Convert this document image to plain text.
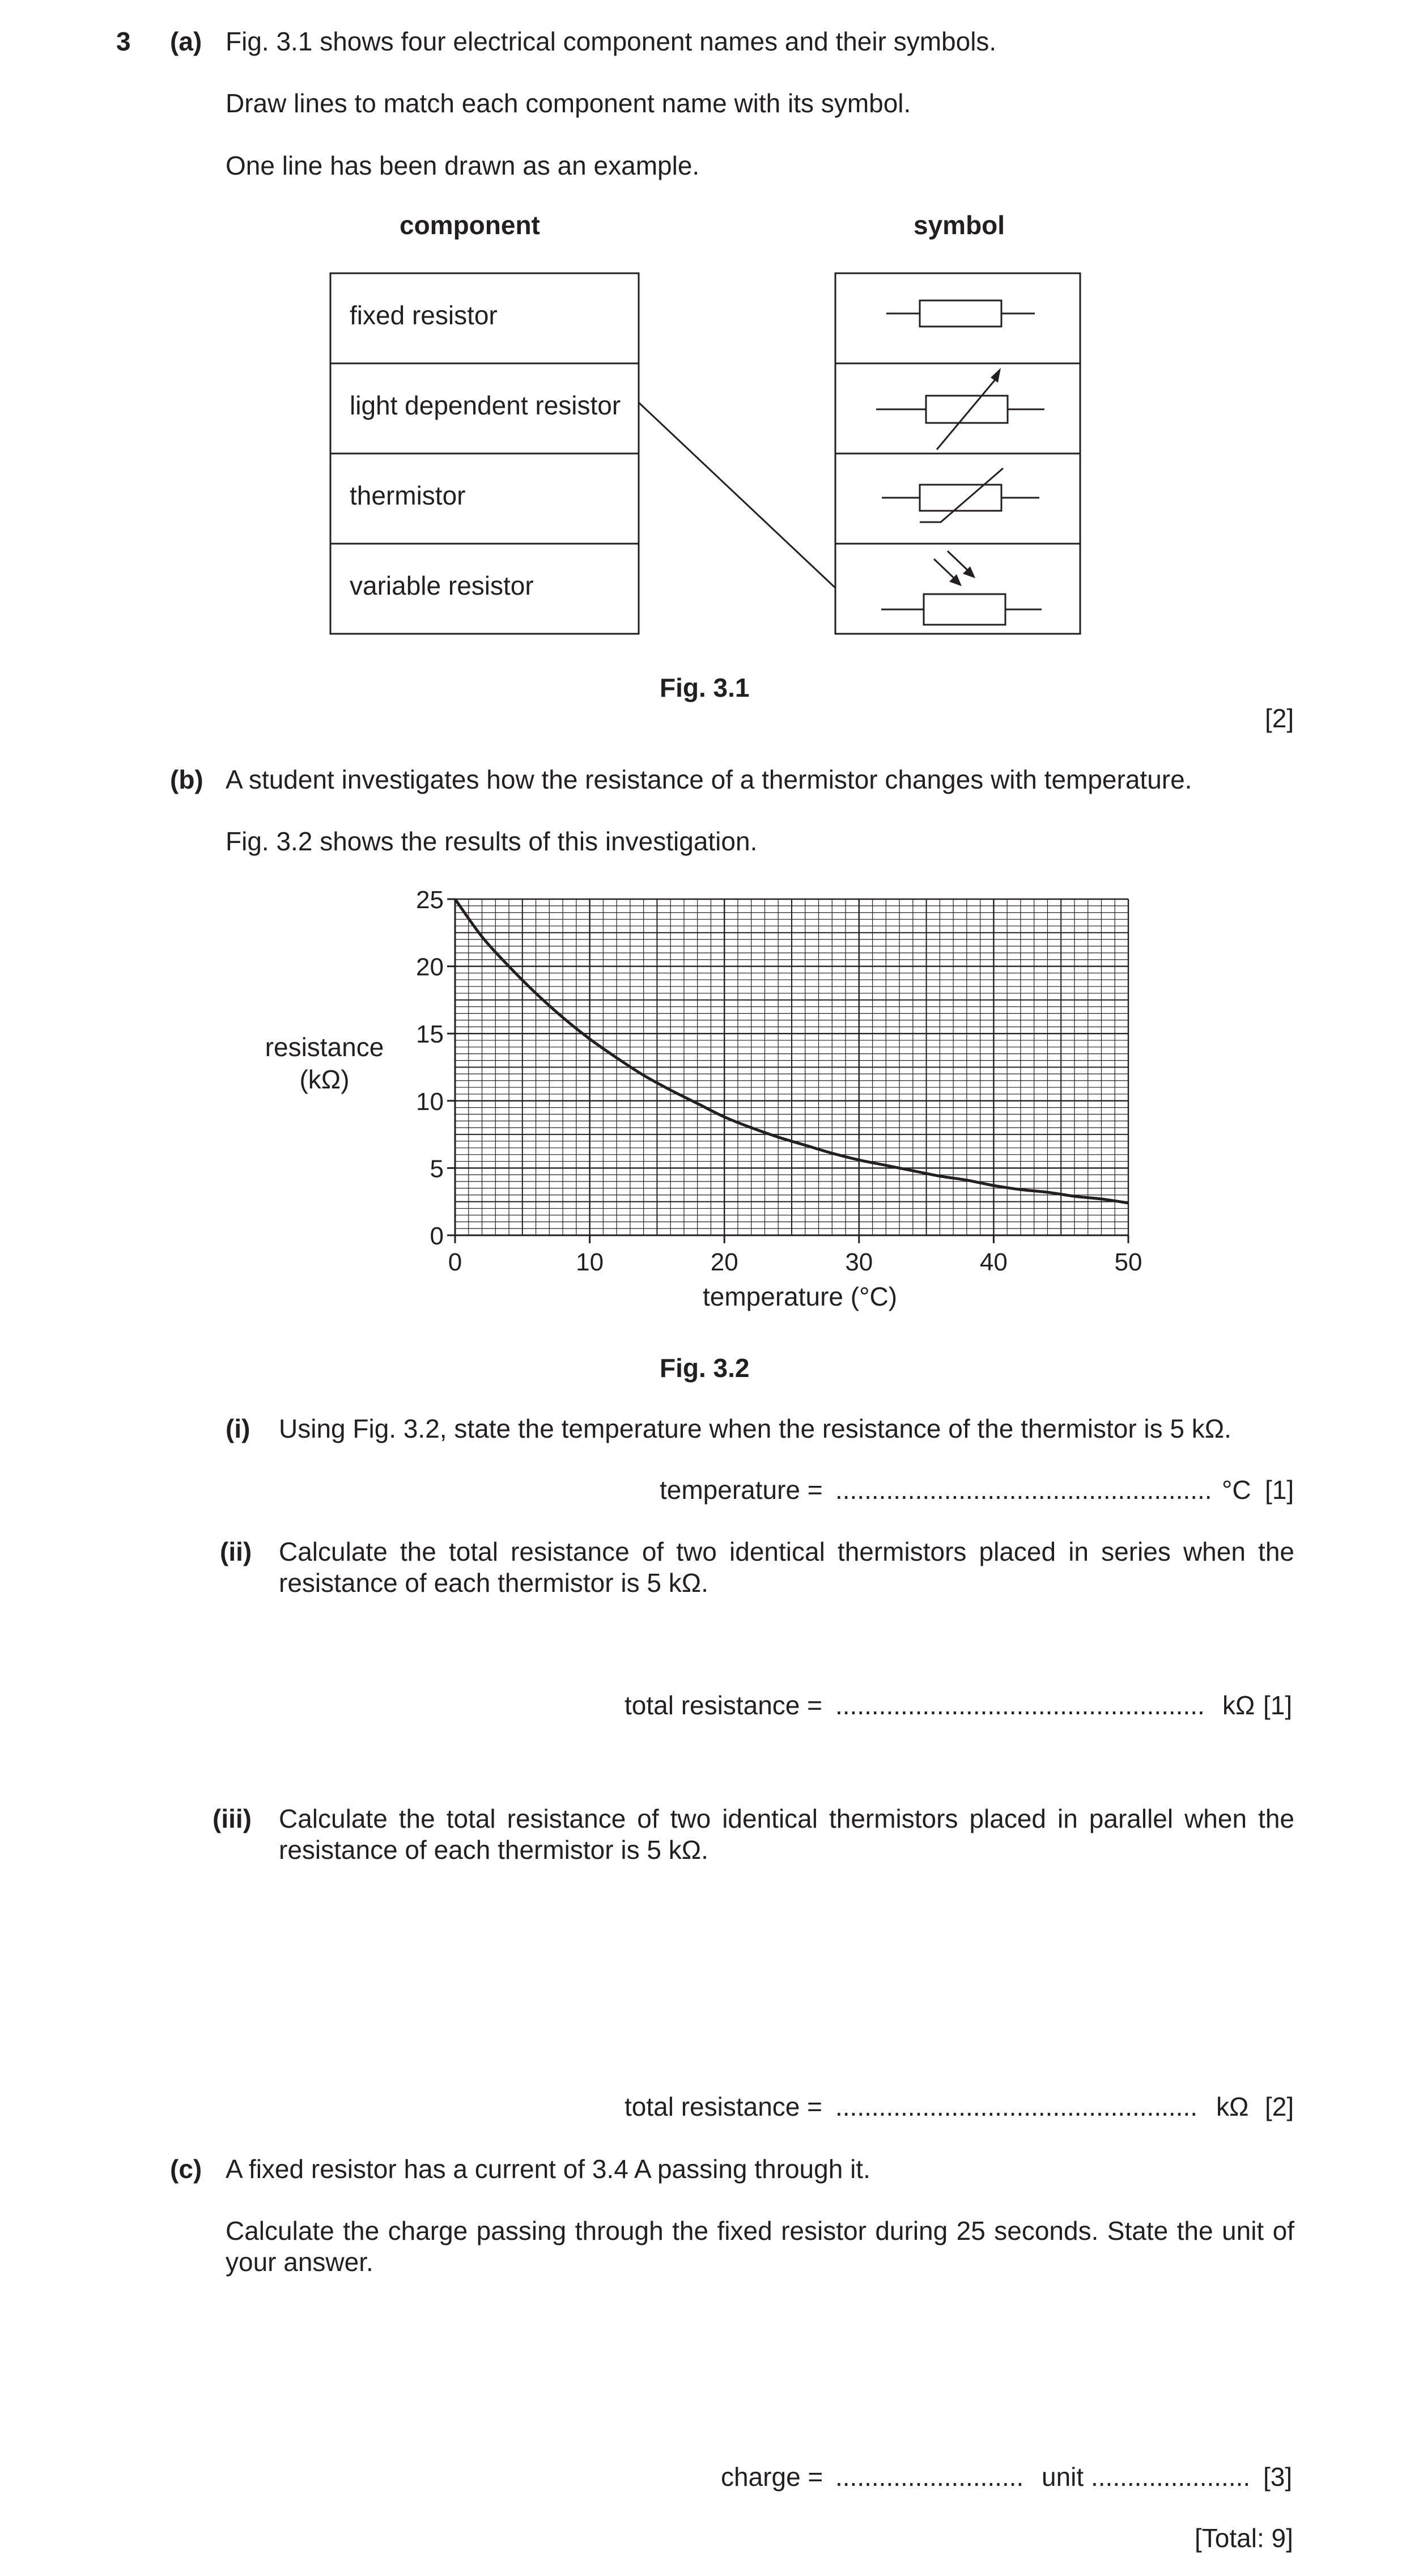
3 (a) Fig. 3.1 shows four electrical component names and their symbols.
Draw lines to match each component name with its symbol.
One line has been drawn as an example.
component	symbol
fixed resistor
light dependent resistor
thermistor
variable resistor
Fig. 3.1
[2]
(b) A student investigates how the resistance of a thermistor changes with temperature.
Fig. 3.2 shows the results of this investigation.
0	10	20	30	40	50
0
5
10
15
20
25
resistance
(kΩ)
temperature (°C)
Fig. 3.2
(i) Using Fig. 3.2, state the temperature when the resistance of the thermistor is 5 kΩ.
temperature = .................................................... °C [1]
(ii) Calculate the total resistance of two identical thermistors placed in series when the resistance of each thermistor is 5 kΩ.
total resistance = ................................................... kΩ [1]
(iii) Calculate the total resistance of two identical thermistors placed in parallel when the resistance of each thermistor is 5 kΩ.
total resistance = .................................................. kΩ [2]
(c) A fixed resistor has a current of 3.4 A passing through it.
Calculate the charge passing through the fixed resistor during 25 seconds. State the unit of your answer.
charge = .......................... unit ...................... [3]
[Total: 9]
